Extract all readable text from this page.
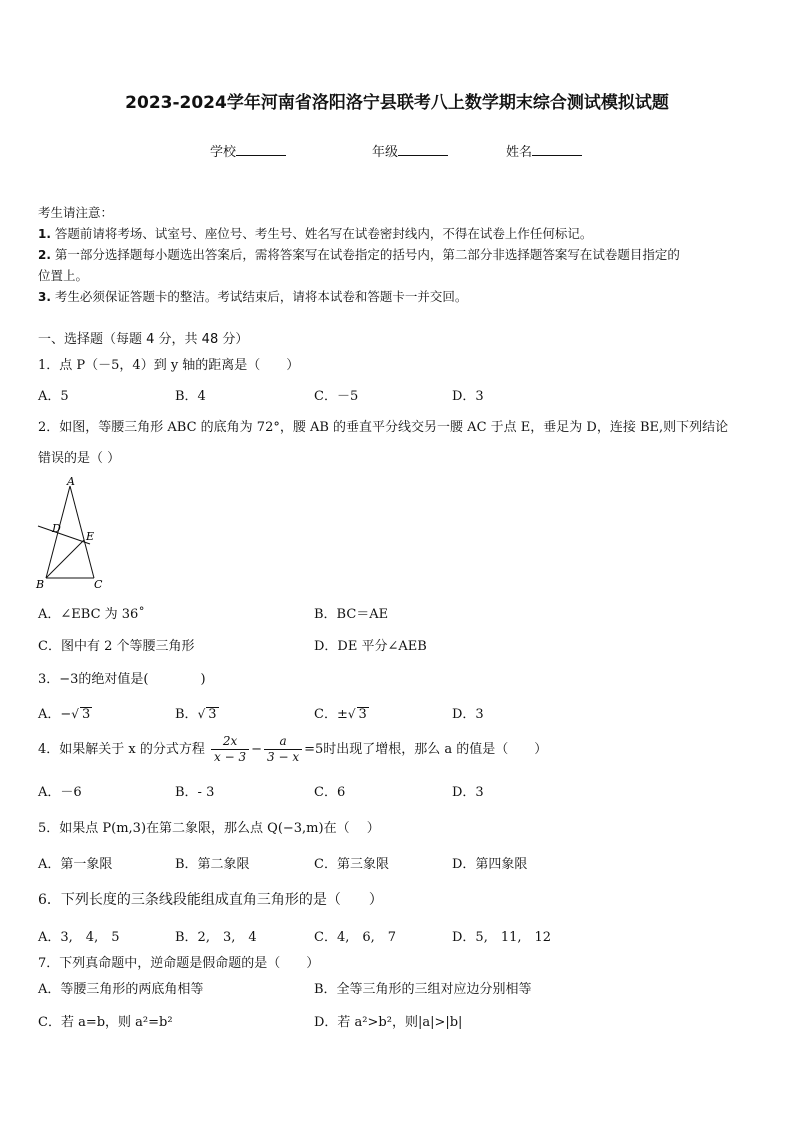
2023-2024学年河南省洛阳洛宁县联考八上数学期末综合测试模拟试题
学校	年级	姓名
考生请注意：
1. 答题前请将考场、试室号、座位号、考生号、姓名写在试卷密封线内，不得在试卷上作任何标记。
2. 第一部分选择题每小题选出答案后，需将答案写在试卷指定的括号内，第二部分非选择题答案写在试卷题目指定的
位置上。
3. 考生必须保证答题卡的整洁。考试结束后，请将本试卷和答题卡一并交回。
一、选择题（每题 4 分，共 48 分）
1．点 P（－5，4）到 y 轴的距离是（　　）
A．5	B．4	C．－5	D．3
2．如图，等腰三角形 ABC 的底角为 72°，腰 AB 的垂直平分线交另一腰 AC 于点 E，垂足为 D，连接 BE,则下列结论
错误的是（ ）
A
B	C
D
E
A．∠EBC 为 36˚	B．BC＝AE
C．图中有 2 个等腰三角形	D．DE 平分∠AEB
3．−3的绝对值是(　　　　)
A．−√ 3	B．√ 3	C．±√ 3	D．3
4．如果解关于 x 的分式方程 $\frac{2x}{x - 3} - \frac{a}{3 - x} =5$时出现了增根，那么 a 的值是（　　）
A．－6	B．- 3	C．6	D．3
5．如果点 P(m,3)在第二象限，那么点 Q(−3,m)在（　 ）
A．第一象限	B．第二象限	C．第三象限	D．第四象限
6．下列长度的三条线段能组成直角三角形的是（　　）
A．3,　4,　5	B．2,　3,　4	C．4,　6,　7	D．5,　11,　12
7．下列真命题中，逆命题是假命题的是（　　）
A．等腰三角形的两底角相等	B．全等三角形的三组对应边分别相等
C．若 a=b，则 a²=b²	D．若 a²>b²，则|a|>|b|
